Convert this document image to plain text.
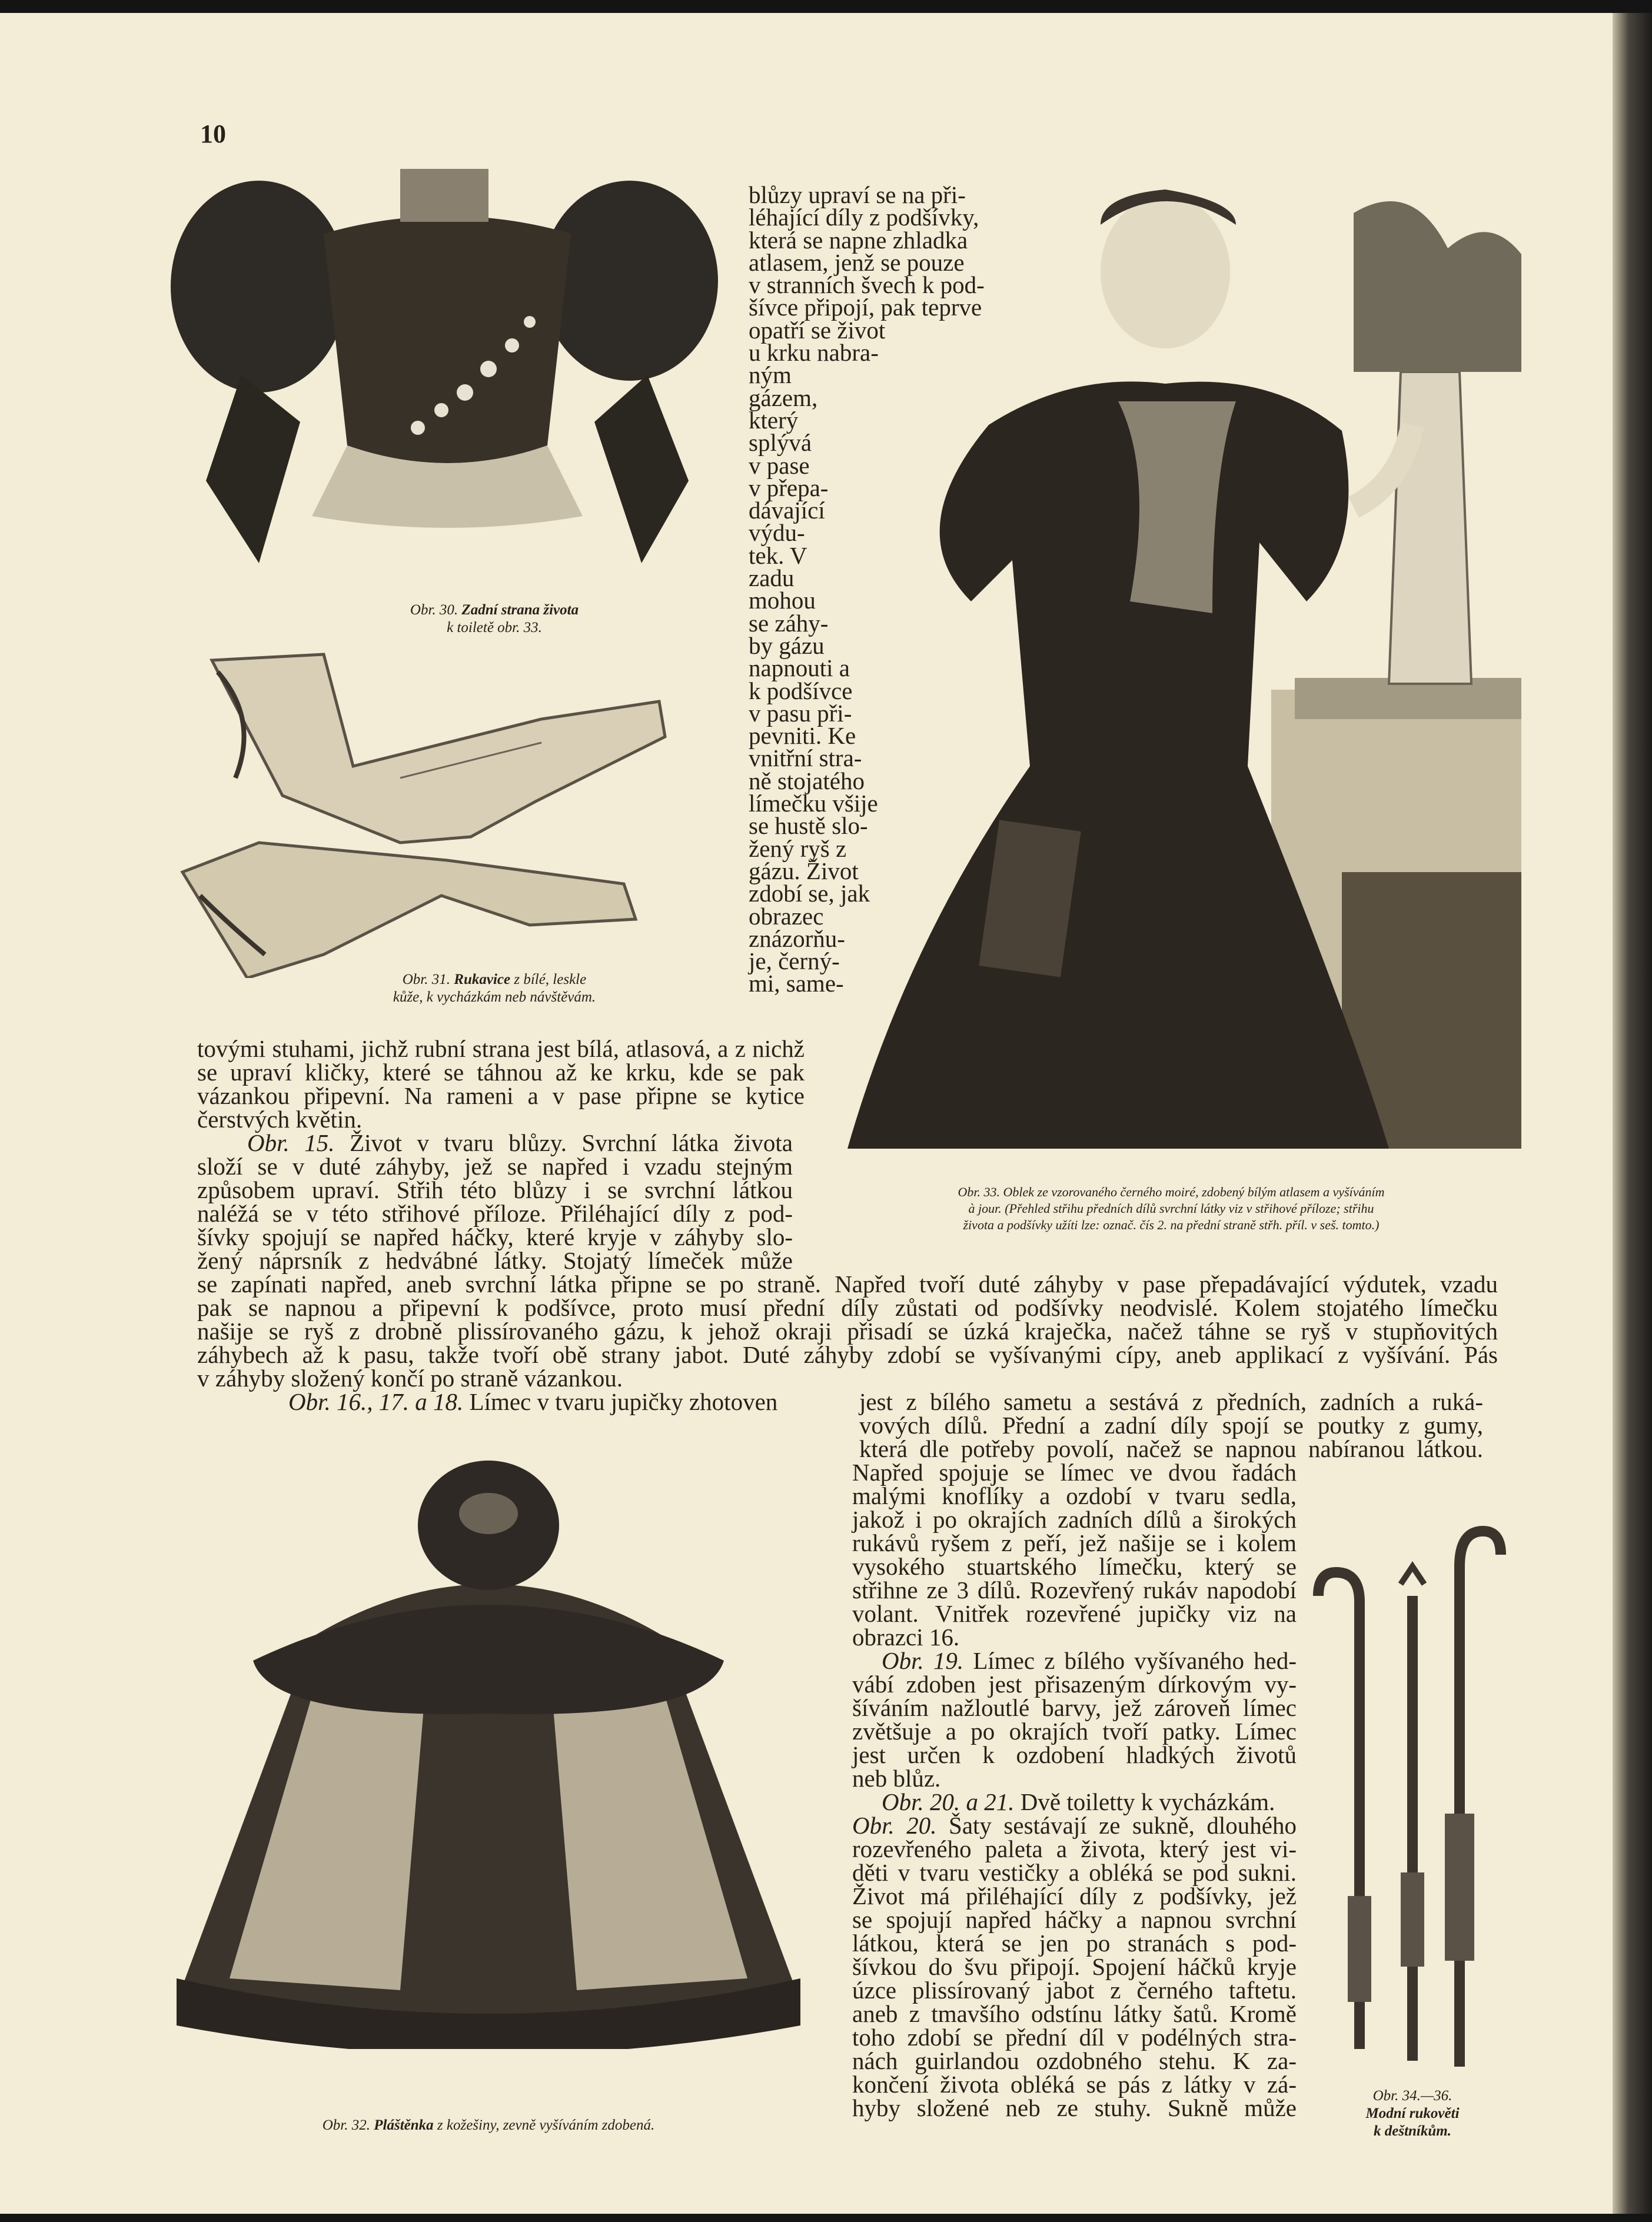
10

Obr. 30. Zadní strana života
k toiletě obr. 33.

Obr. 31. Rukavice z bílé, leskle
kůže, k vycházkám neb návštěvám.

blůzy upraví se na při-
léhající díly z podšívky,
která se napne zhladka
atlasem, jenž se pouze
v stranních švech k pod-
šívce připojí, pak teprve
opatří se život
u krku nabra-
ným
gázem,
který
splývá
v pase
v přepa-
dávající
výdu-
tek. V
zadu
mohou
se záhy-
by gázu
napnouti a
k podšívce
v pasu při-
pevniti. Ke
vnitřní stra-
ně stojatého
límečku všije
se hustě slo-
žený ryš z
gázu. Život
zdobí se, jak
obrazec
znázorňu-
je, černý-
mi, same-

Obr. 33. Oblek ze vzorovaného černého moiré, zdobený bílým atlasem a vyšíváním
à jour. (Přehled střihu předních dílů svrchní látky viz v střihové příloze; střihu
života a podšívky užíti lze: označ. čís 2. na přední straně střh. příl. v seš. tomto.)

tovými stuhami, jichž rubní strana jest bílá, atlasová, a z nichž
se upraví kličky, které se táhnou až ke krku, kde se pak
vázankou připevní. Na rameni a v pase připne se kytice
čerstvých květin.
Obr. 15. Život v tvaru blůzy. Svrchní látka života
složí se v duté záhyby, jež se napřed i vzadu stejným
způsobem upraví. Střih této blůzy i se svrchní látkou
naléžá se v této střihové příloze. Přiléhající díly z pod-
šívky spojují se napřed háčky, které kryje v záhyby slo-
žený náprsník z hedvábné látky. Stojatý límeček může
se zapínati napřed, aneb svrchní látka připne se po straně. Napřed tvoří duté záhyby v pase přepadávající výdutek, vzadu
pak se napnou a připevní k podšívce, proto musí přední díly zůstati od podšívky neodvislé. Kolem stojatého límečku
našije se ryš z drobně plissírovaného gázu, k jehož okraji přisadí se úzká kraječka, načež táhne se ryš v stupňovitých
záhybech až k pasu, takže tvoří obě strany jabot. Duté záhyby zdobí se vyšívanými cípy, aneb applikací z vyšívání. Pás
v záhyby složený končí po straně vázankou.
Obr. 16., 17. a 18. Límec v tvaru jupičky zhotoven

Obr. 32. Pláštěnka z kožešiny, zevně vyšíváním zdobená.

jest z bílého sametu a sestává z předních, zadních a ruká-
vových dílů. Přední a zadní díly spojí se poutky z gumy,
která dle potřeby povolí, načež se napnou nabíranou látkou.
Napřed spojuje se límec ve dvou řadách
malými knoflíky a ozdobí v tvaru sedla,
jakož i po okrajích zadních dílů a širokých
rukávů ryšem z peří, jež našije se i kolem
vysokého stuartského límečku, který se
střihne ze 3 dílů. Rozevřený rukáv napodobí
volant. Vnitřek rozevřené jupičky viz na
obrazci 16.
Obr. 19. Límec z bílého vyšívaného hed-
vábí zdoben jest přisazeným dírkovým vy-
šíváním nažloutlé barvy, jež zároveň límec
zvětšuje a po okrajích tvoří patky. Límec
jest určen k ozdobení hladkých životů
neb blůz.
Obr. 20. a 21. Dvě toiletty k vycházkám.
Obr. 20. Šaty sestávají ze sukně, dlouhého
rozevřeného paleta a života, který jest vi-
děti v tvaru vestičky a obléká se pod sukni.
Život má přiléhající díly z podšívky, jež
se spojují napřed háčky a napnou svrchní
látkou, která se jen po stranách s pod-
šívkou do švu připojí. Spojení háčků kryje
úzce plissírovaný jabot z černého taftetu.
aneb z tmavšího odstínu látky šatů. Kromě
toho zdobí se přední díl v podélných stra-
nách guirlandou ozdobného stehu. K za-
končení života obléká se pás z látky v zá-
hyby složené neb ze stuhy. Sukně může	Obr. 34.—36.
Modní rukověti
k deštníkům.
